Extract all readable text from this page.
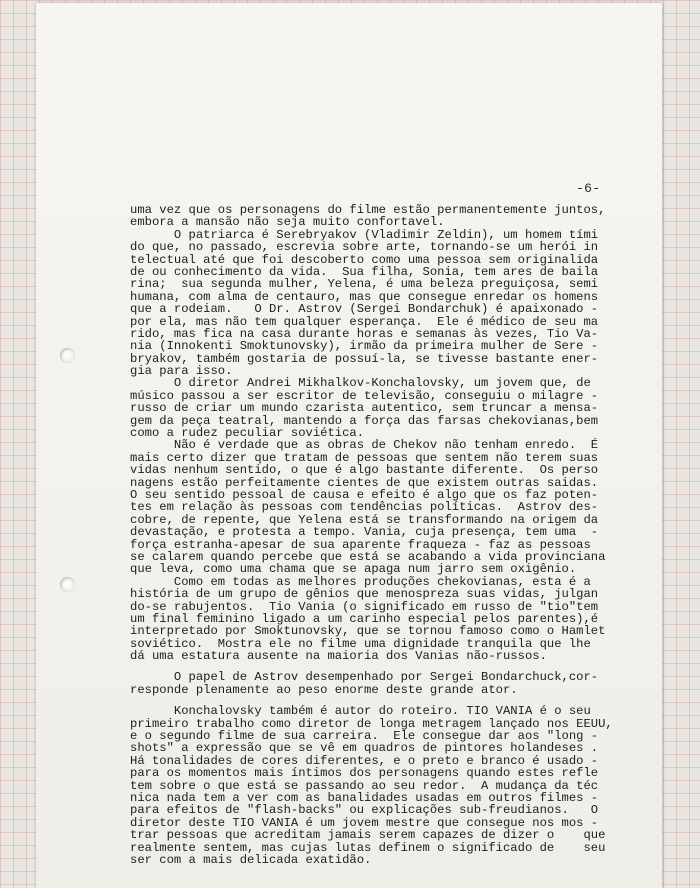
-6-
uma vez que os personagens do filme estão permanentemente juntos,
embora a mansão não seja muito confortavel.
O patriarca é Serebryakov (Vladimir Zeldin), um homem tími
do que, no passado, escrevia sobre arte, tornando-se um herói in
telectual até que foi descoberto como uma pessoa sem originalida
de ou conhecimento da vida.  Sua filha, Sonia, tem ares de baila
rina;  sua segunda mulher, Yelena, é uma beleza preguiçosa, semi
humana, com alma de centauro, mas que consegue enredar os homens
que a rodeiam.   O Dr. Astrov (Sergei Bondarchuk) é apaixonado -
por ela, mas não tem qualquer esperança.  Ele é médico de seu ma
rido, mas fica na casa durante horas e semanas às vezes, Tio Va-
nia (Innokenti Smoktunovsky), irmão da primeira mulher de Sere -
bryakov, também gostaria de possuí-la, se tivesse bastante ener-
gia para isso.
O diretor Andrei Mikhalkov-Konchalovsky, um jovem que, de
músico passou a ser escritor de televisão, conseguiu o milagre -
russo de criar um mundo czarista autentico, sem truncar a mensa-
gem da peça teatral, mantendo a força das farsas chekovianas,bem
como a rudez peculiar soviética.
Não é verdade que as obras de Chekov não tenham enredo.  É
mais certo dizer que tratam de pessoas que sentem não terem suas
vidas nenhum sentido, o que é algo bastante diferente.  Os perso
nagens estão perfeitamente cientes de que existem outras saidas.
O seu sentido pessoal de causa e efeito é algo que os faz poten-
tes em relação às pessoas com tendências políticas.  Astrov des-
cobre, de repente, que Yelena está se transformando na origem da
devastação, e protesta a tempo. Vania, cuja presença, tem uma  -
força estranha-apesar de sua aparente fraqueza - faz as pessoas
se calarem quando percebe que está se acabando a vida provinciana
que leva, como uma chama que se apaga num jarro sem oxigênio.
Como em todas as melhores produções chekovianas, esta é a
história de um grupo de gênios que menospreza suas vidas, julgan
do-se rabujentos.  Tio Vania (o significado em russo de "tio"tem
um final feminino ligado a um carinho especial pelos parentes),é
interpretado por Smoktunovsky, que se tornou famoso como o Hamlet
soviético.  Mostra ele no filme uma dignidade tranquila que lhe
dá uma estatura ausente na maioria dos Vanias não-russos.
O papel de Astrov desempenhado por Sergei Bondarchuck,cor-
responde plenamente ao peso enorme deste grande ator.
Konchalovsky também é autor do roteiro. TIO VANIA é o seu
primeiro trabalho como diretor de longa metragem lançado nos EEUU,
e o segundo filme de sua carreira.  Ele consegue dar aos "long -
shots" a expressão que se vê em quadros de pintores holandeses .
Há tonalidades de cores diferentes, e o preto e branco é usado -
para os momentos mais íntimos dos personagens quando estes refle
tem sobre o que está se passando ao seu redor.  A mudança da téc
nica nada tem a ver com as banalidades usadas em outros filmes -
para efeitos de "flash-backs" ou explicações sub-freudianos.   O
diretor deste TIO VANIA é um jovem mestre que consegue nos mos -
trar pessoas que acreditam jamais serem capazes de dizer o    que
realmente sentem, mas cujas lutas definem o significado de    seu
ser com a mais delicada exatidão.
